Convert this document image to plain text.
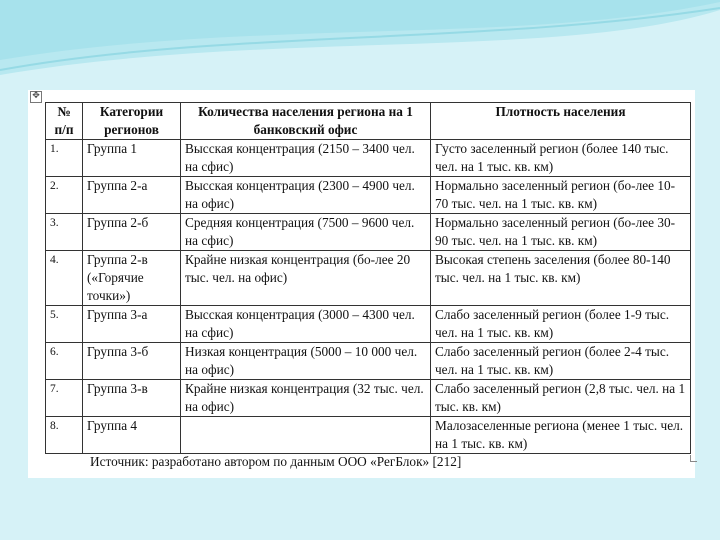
✥
№ п/п	Категории регионов	Количества населения региона на 1 банковский офис	Плотность населения
1.	Группа 1	Высская концентрация (2150 – 3400 чел. на сфис)	Густо заселенный регион (более 140 тыс. чел. на 1 тыс. кв. км)
2.	Группа 2-а	Высская концентрация (2300 – 4900 чел. на офис)	Нормально заселенный регион (бо-лее 10-70 тыс. чел. на 1 тыс. кв. км)
3.	Группа 2-б	Средняя концентрация (7500 – 9600 чел. на сфис)	Нормально заселенный регион (бо-лее 30-90 тыс. чел. на 1 тыс. кв. км)
4.	Группа 2-в («Горячие точки»)	Крайне низкая концентрация (бо-лее 20 тыс. чел. на офис)	Высокая степень заселения (более 80-140 тыс. чел. на 1 тыс. кв. км)
5.	Группа 3-а	Высская концентрация (3000 – 4300 чел. на сфис)	Слабо заселенный регион (более 1-9 тыс. чел. на 1 тыс. кв. км)
6.	Группа 3-б	Низкая концентрация (5000 – 10 000 чел. на офис)	Слабо заселенный регион (более 2-4 тыс. чел. на 1 тыс. кв. км)
7.	Группа 3-в	Крайне низкая концентрация (32 тыс. чел. на офис)	Слабо заселенный регион (2,8 тыс. чел. на 1 тыс. кв. км)
8.	Группа 4		Малозаселенные региона (менее 1 тыс. чел. на 1 тыс. кв. км)
Источник: разработано автором по данным ООО «РегБлок» [212]
